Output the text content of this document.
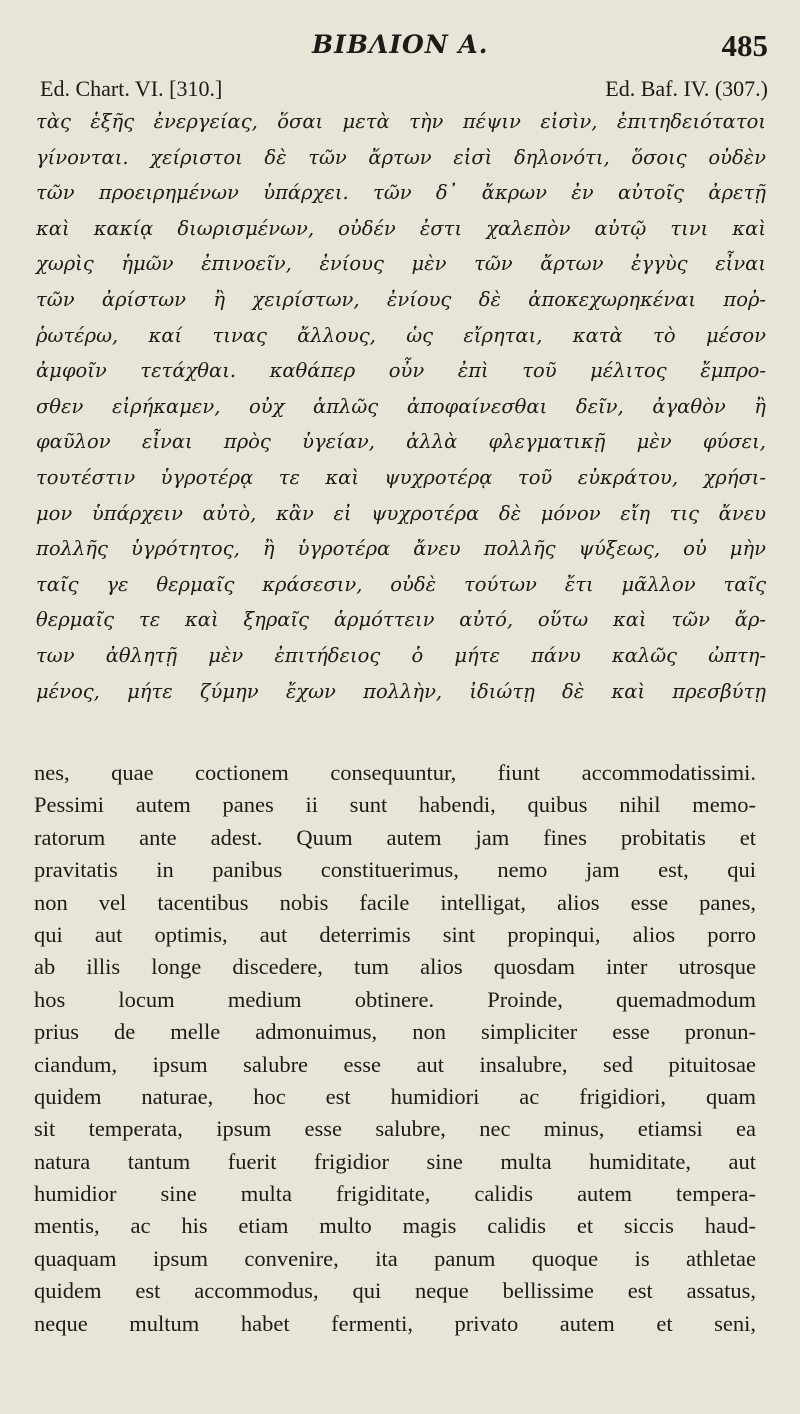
ΒΙΒΛΙΟΝ Α.	485
Ed. Chart. VI. [310.]	Ed. Baf. IV. (307.)
τὰς ἑξῆς ἐνεργείας, ὅσαι μετὰ τὴν πέψιν εἰσὶν, ἐπιτηδειότατοι
γίνονται. χείριστοι δὲ τῶν ἄρτων εἰσὶ δηλονότι, ὅσοις οὐδὲν
τῶν προειρημένων ὑπάρχει. τῶν δ᾽ ἄκρων ἐν αὐτοῖς ἀρετῇ
καὶ κακίᾳ διωρισμένων, οὐδέν ἐστι χαλεπὸν αὐτῷ τινι καὶ
χωρὶς ἡμῶν ἐπινοεῖν, ἐνίους μὲν τῶν ἄρτων ἐγγὺς εἶναι
τῶν ἀρίστων ἢ χειρίστων, ἐνίους δὲ ἀποκεχωρηκέναι ποῤ-
ῥωτέρω, καί τινας ἄλλους, ὡς εἴρηται, κατὰ τὸ μέσον
ἀμφοῖν τετάχθαι. καθάπερ οὖν ἐπὶ τοῦ μέλιτος ἔμπρο-
σθεν εἰρήκαμεν, οὐχ ἁπλῶς ἀποφαίνεσθαι δεῖν, ἀγαθὸν ἢ
φαῦλον εἶναι πρὸς ὑγείαν, ἀλλὰ φλεγματικῇ μὲν φύσει,
τουτέστιν ὑγροτέρᾳ τε καὶ ψυχροτέρᾳ τοῦ εὐκράτου, χρήσι-
μον ὑπάρχειν αὐτὸ, κἂν εἰ ψυχροτέρα δὲ μόνον εἴη τις ἄνευ
πολλῆς ὑγρότητος, ἢ ὑγροτέρα ἄνευ πολλῆς ψύξεως, οὐ μὴν
ταῖς γε θερμαῖς κράσεσιν, οὐδὲ τούτων ἔτι μᾶλλον ταῖς
θερμαῖς τε καὶ ξηραῖς ἁρμόττειν αὐτό, οὕτω καὶ τῶν ἄρ-
των ἀθλητῇ μὲν ἐπιτήδειος ὁ μήτε πάνυ καλῶς ὠπτη-
μένος, μήτε ζύμην ἔχων πολλὴν, ἰδιώτῃ δὲ καὶ πρεσβύτῃ
nes, quae coctionem consequuntur, fiunt accommodatissimi.
Pessimi autem panes ii sunt habendi, quibus nihil memo-
ratorum ante adest. Quum autem jam fines probitatis et
pravitatis in panibus constituerimus, nemo jam est, qui
non vel tacentibus nobis facile intelligat, alios esse panes,
qui aut optimis, aut deterrimis sint propinqui, alios porro
ab illis longe discedere, tum alios quosdam inter utrosque
hos locum medium obtinere. Proinde, quemadmodum
prius de melle admonuimus, non simpliciter esse pronun-
ciandum, ipsum salubre esse aut insalubre, sed pituitosae
quidem naturae, hoc est humidiori ac frigidiori, quam
sit temperata, ipsum esse salubre, nec minus, etiamsi ea
natura tantum fuerit frigidior sine multa humiditate, aut
humidior sine multa frigiditate, calidis autem tempera-
mentis, ac his etiam multo magis calidis et siccis haud-
quaquam ipsum convenire, ita panum quoque is athletae
quidem est accommodus, qui neque bellissime est assatus,
neque multum habet fermenti, privato autem et seni,
